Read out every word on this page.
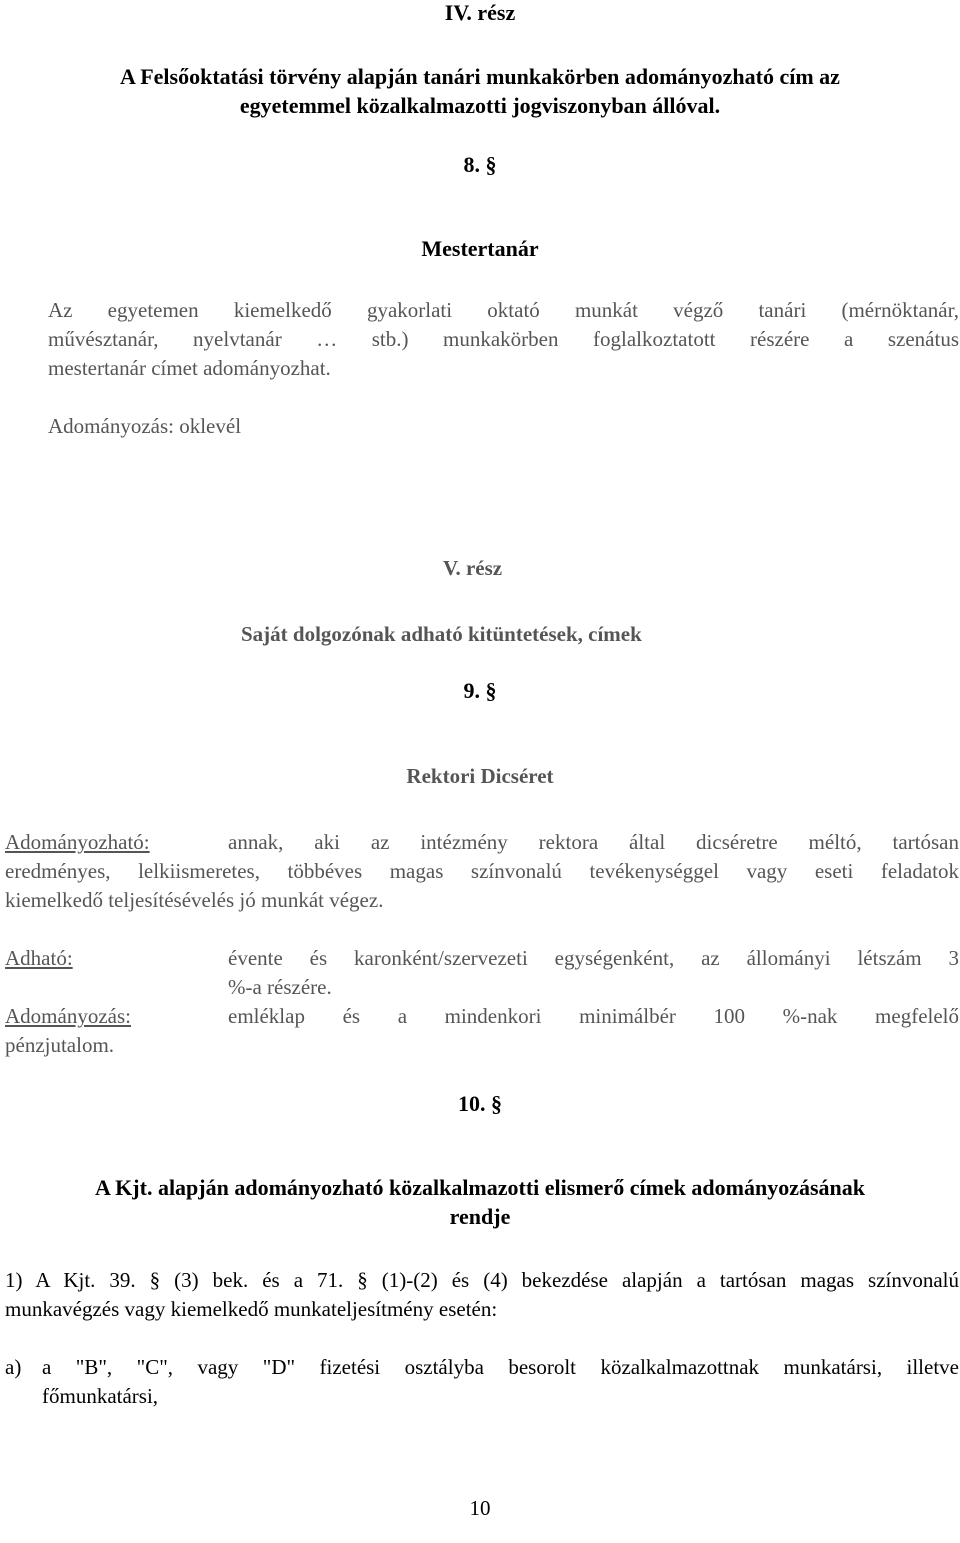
IV. rész
A Felsőoktatási törvény alapján tanári munkakörben adományozható cím az
egyetemmel közalkalmazotti jogviszonyban állóval.
8. §
Mestertanár
Az egyetemen kiemelkedő gyakorlati oktató munkát végző tanári (mérnöktanár,
művésztanár, nyelvtanár … stb.) munkakörben foglalkoztatott részére a szenátus
mestertanár címet adományozhat.
Adományozás: oklevél
V. rész
Saját dolgozónak adható kitüntetések, címek
9. §
Rektori Dicséret
Adományozható:	annak, aki az intézmény rektora által dicséretre méltó, tartósan
eredményes, lelkiismeretes, többéves magas színvonalú tevékenységgel vagy eseti feladatok
kiemelkedő teljesítésévelés jó munkát végez.
Adható:	évente és karonként/szervezeti egységenként, az állományi létszám 3
%-a részére.
Adományozás:	emléklap és a mindenkori minimálbér 100 %-nak megfelelő
pénzjutalom.
10. §
A Kjt. alapján adományozható közalkalmazotti elismerő címek adományozásának
rendje
1) A Kjt. 39. § (3) bek. és a 71. § (1)-(2) és (4) bekezdése alapján a tartósan magas színvonalú
munkavégzés vagy kiemelkedő munkateljesítmény esetén:
a) a "B", "C", vagy "D" fizetési osztályba besorolt közalkalmazottnak munkatársi, illetve
főmunkatársi,
10
